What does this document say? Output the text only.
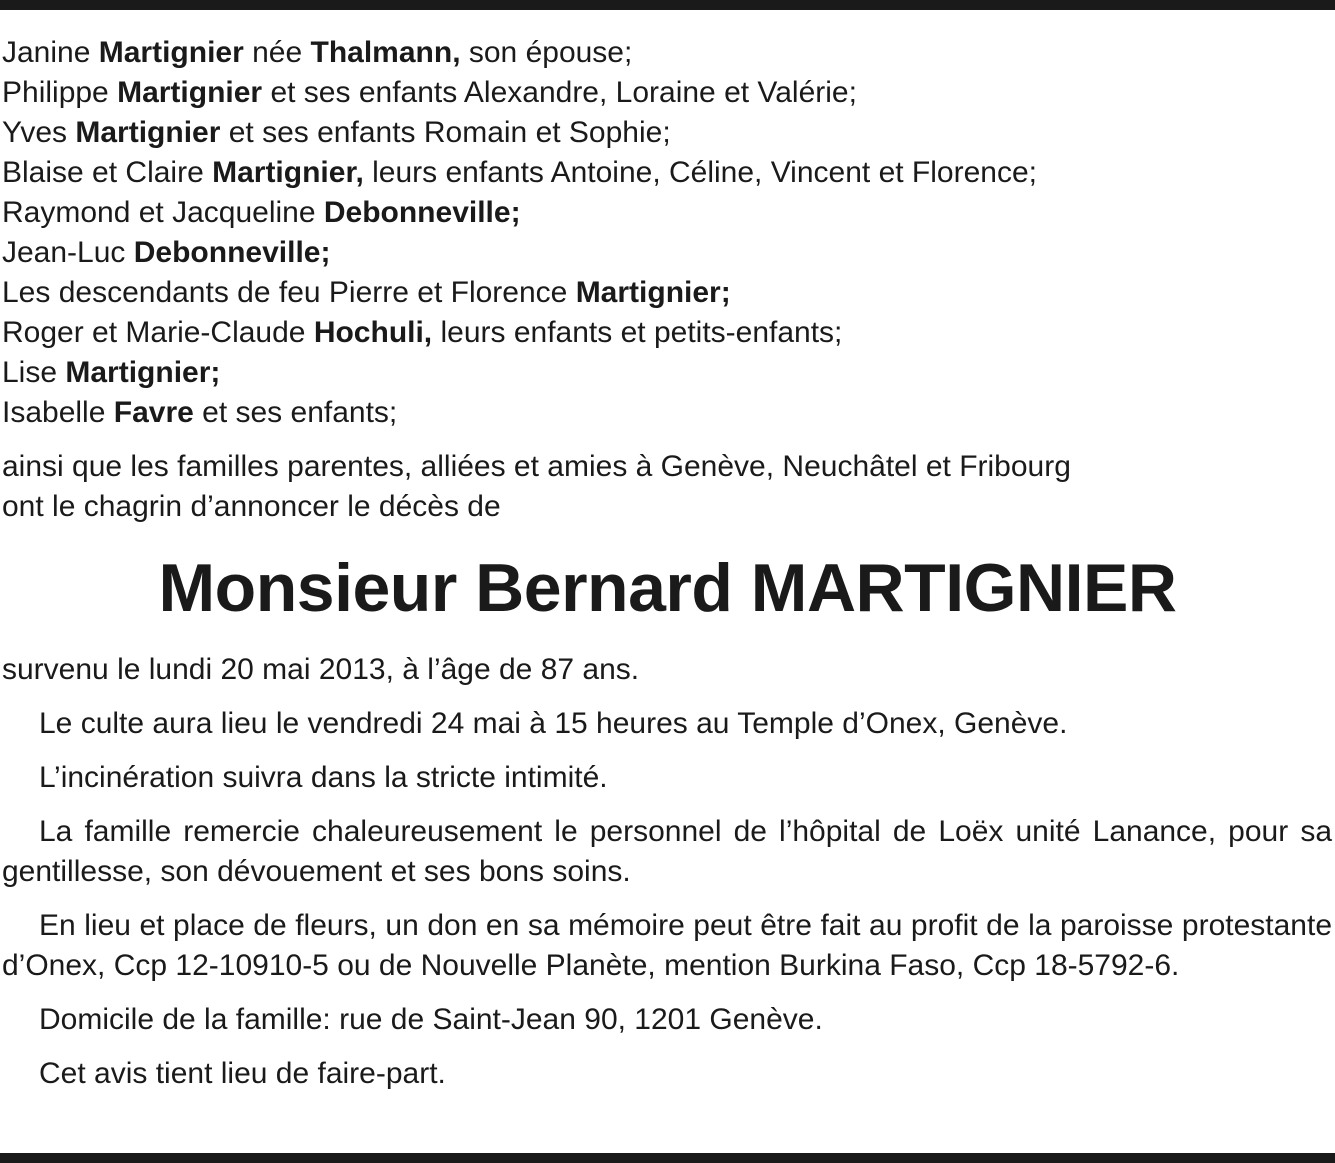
Janine Martignier née Thalmann, son épouse;
Philippe Martignier et ses enfants Alexandre, Loraine et Valérie;
Yves Martignier et ses enfants Romain et Sophie;
Blaise et Claire Martignier, leurs enfants Antoine, Céline, Vincent et Florence;
Raymond et Jacqueline Debonneville;
Jean-Luc Debonneville;
Les descendants de feu Pierre et Florence Martignier;
Roger et Marie-Claude Hochuli, leurs enfants et petits-enfants;
Lise Martignier;
Isabelle Favre et ses enfants;
ainsi que les familles parentes, alliées et amies à Genève, Neuchâtel et Fribourg
ont le chagrin d’annoncer le décès de
Monsieur Bernard MARTIGNIER

survenu le lundi 20 mai 2013, à l’âge de 87 ans.

Le culte aura lieu le vendredi 24 mai à 15 heures au Temple d’Onex, Genève.

L’incinération suivra dans la stricte intimité.

La famille remercie chaleureusement le personnel de l’hôpital de Loëx unité Lanance, pour sa gentillesse, son dévouement et ses bons soins.

En lieu et place de fleurs, un don en sa mémoire peut être fait au profit de la paroisse protestante d’Onex, Ccp 12-10910-5 ou de Nouvelle Planète, mention Burkina Faso, Ccp 18-5792-6.

Domicile de la famille: rue de Saint-Jean 90, 1201 Genève.

Cet avis tient lieu de faire-part.
